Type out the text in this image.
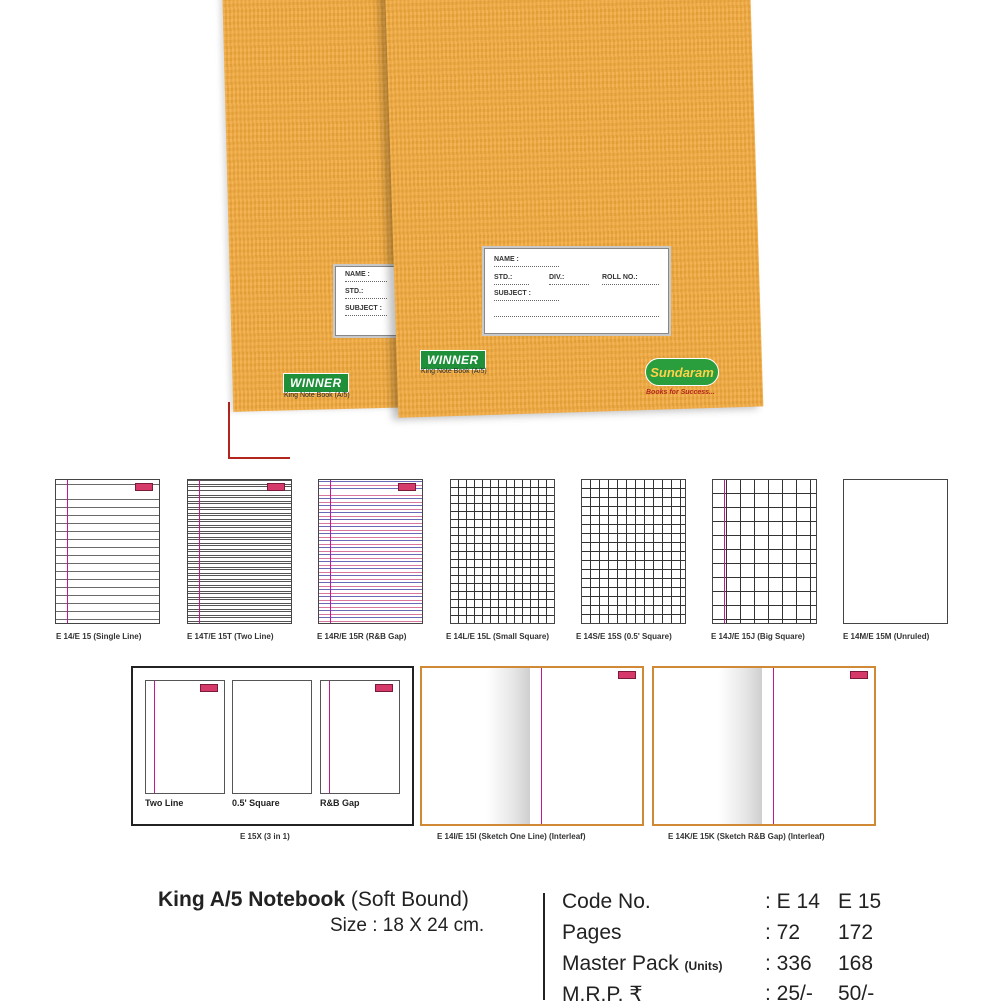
NAME :
STD.:
SUBJECT :
WINNER
King Note Book (A/5)
NAME :
STD.:	DIV.:	ROLL NO.:
SUBJECT :
WINNER
King Note Book (A/5)	Sundaram
Books for Success...
E 14/E 15 (Single Line)	E 14T/E 15T (Two Line)	E 14R/E 15R (R&B Gap)	E 14L/E 15L (Small Square)	E 14S/E 15S (0.5' Square)	E 14J/E 15J (Big Square)	E 14M/E 15M (Unruled)
Two Line	0.5' Square	R&B Gap
E 15X (3 in 1)	E 14I/E 15I (Sketch One Line) (Interleaf)	E 14K/E 15K (Sketch R&B Gap) (Interleaf)
King A/5 Notebook (Soft Bound)
Size : 18 X 24 cm.
Code No.	: E 14 E 15
Pages	: 72 172
Master Pack (Units) : 336 168
M.R.P. ₹	: 25/- 50/-
